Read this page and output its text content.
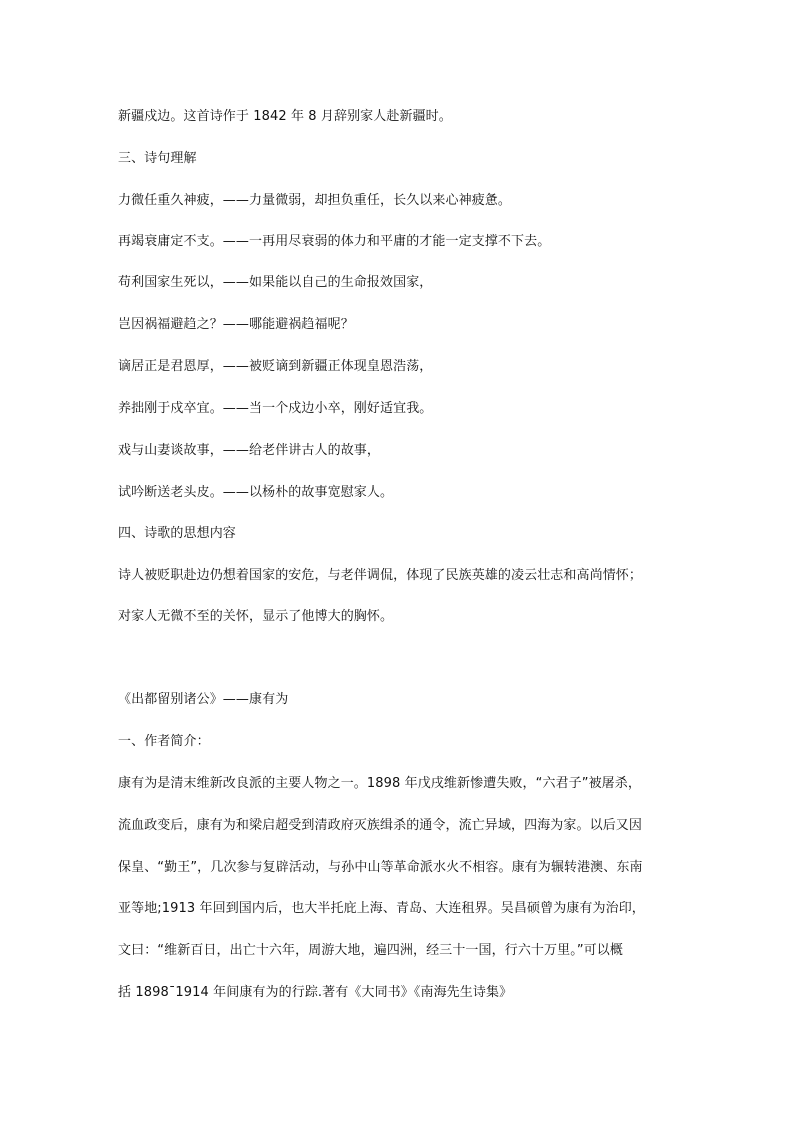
新疆戍边。这首诗作于 1842 年 8 月辞别家人赴新疆时。
三、诗句理解
力微任重久神疲，——力量微弱，却担负重任，长久以来心神疲惫。
再竭衰庸定不支。——一再用尽衰弱的体力和平庸的才能一定支撑不下去。
苟利国家生死以，——如果能以自己的生命报效国家，
岂因祸福避趋之？——哪能避祸趋福呢？
谪居正是君恩厚，——被贬谪到新疆正体现皇恩浩荡，
养拙刚于戍卒宜。——当一个戍边小卒，刚好适宜我。
戏与山妻谈故事，——给老伴讲古人的故事，
试吟断送老头皮。——以杨朴的故事宽慰家人。
四、诗歌的思想内容
诗人被贬职赴边仍想着国家的安危，与老伴调侃，体现了民族英雄的凌云壮志和高尚情怀；
对家人无微不至的关怀，显示了他博大的胸怀。
《出都留别诸公》——康有为
一、作者简介：
康有为是清末维新改良派的主要人物之一。1898 年戊戌维新惨遭失败，“六君子”被屠杀，
流血政变后，康有为和梁启超受到清政府灭族缉杀的通令，流亡异域，四海为家。以后又因
保皇、“勤王”，几次参与复辟活动，与孙中山等革命派水火不相容。康有为辗转港澳、东南
亚等地;1913 年回到国内后，也大半托庇上海、青岛、大连租界。吴昌硕曾为康有为治印，
文曰：“维新百日，出亡十六年，周游大地，遍四洲，经三十一国，行六十万里。”可以概
括 1898¯1914 年间康有为的行踪.著有《大同书》《南海先生诗集》
